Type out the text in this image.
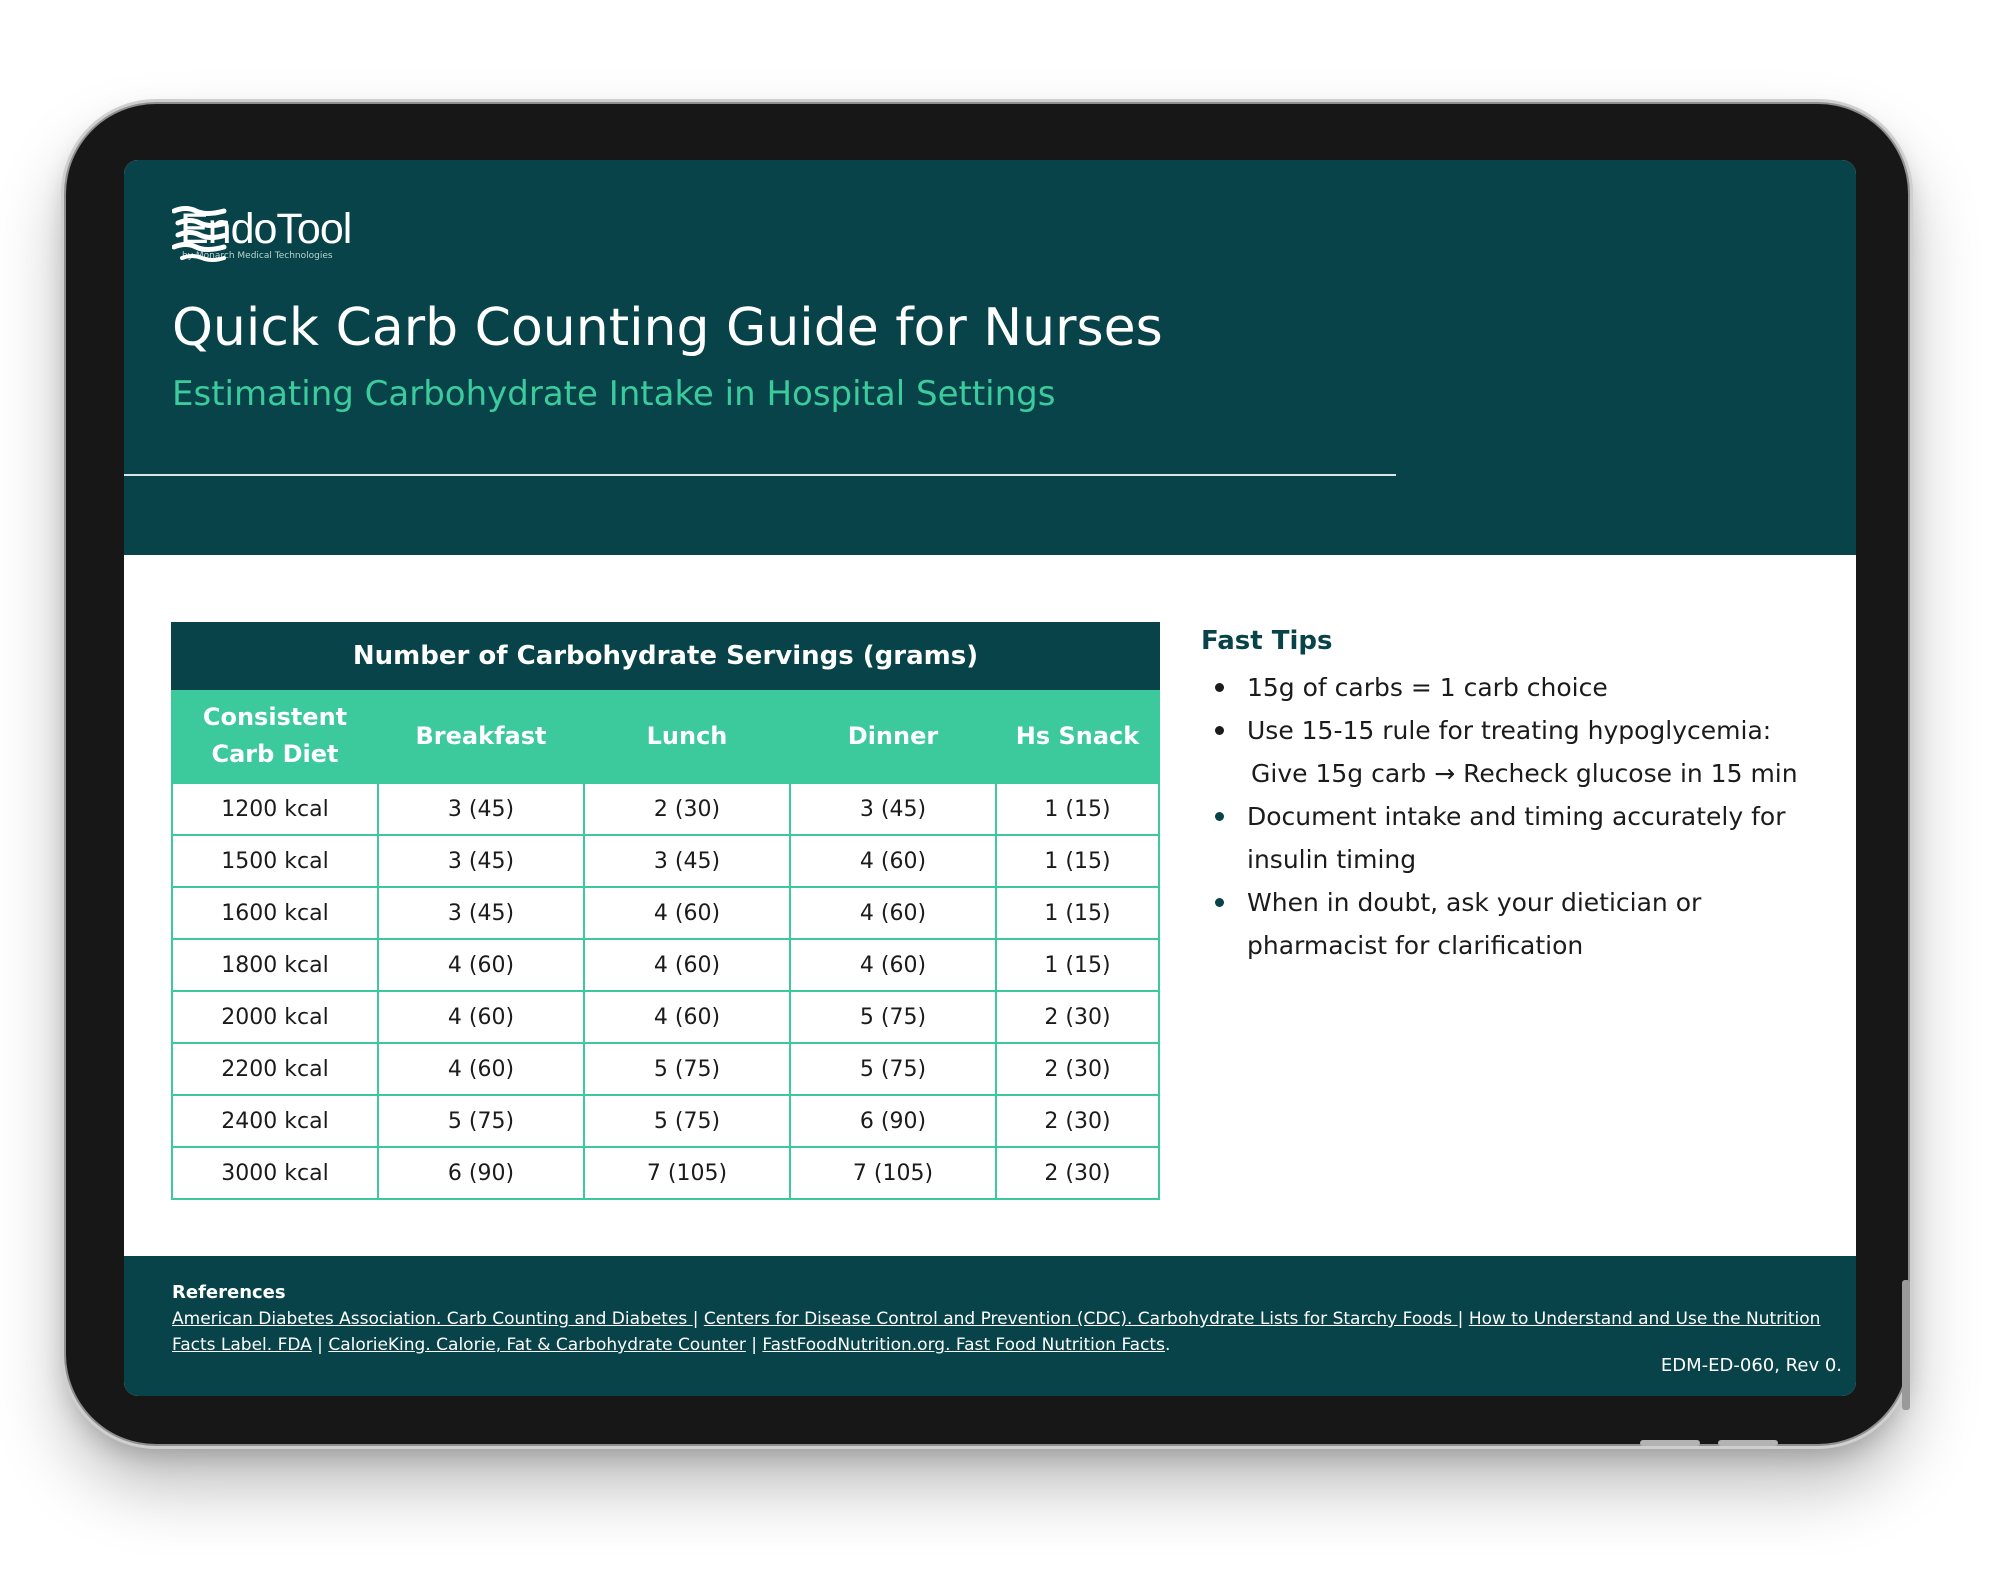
EndoTool
by Monarch Medical Technologies
Quick Carb Counting Guide for Nurses
Estimating Carbohydrate Intake in Hospital Settings
Number of Carbohydrate Servings (grams)				
Consistent Carb Diet	Breakfast	Lunch	Dinner	Hs Snack
1200 kcal	3 (45)	2 (30)	3 (45)	1 (15)
1500 kcal	3 (45)	3 (45)	4 (60)	1 (15)
1600 kcal	3 (45)	4 (60)	4 (60)	1 (15)
1800 kcal	4 (60)	4 (60)	4 (60)	1 (15)
2000 kcal	4 (60)	4 (60)	5 (75)	2 (30)
2200 kcal	4 (60)	5 (75)	5 (75)	2 (30)
2400 kcal	5 (75)	5 (75)	6 (90)	2 (30)
3000 kcal	6 (90)	7 (105)	7 (105)	2 (30)
Fast Tips
15g of carbs = 1 carb choice
Use 15-15 rule for treating hypoglycemia:
Give 15g carb → Recheck glucose in 15 min
Document intake and timing accurately for
insulin timing
When in doubt, ask your dietician or
pharmacist for clarification
References
American Diabetes Association. Carb Counting and Diabetes | Centers for Disease Control and Prevention (CDC). Carbohydrate Lists for Starchy Foods | How to Understand and Use the Nutrition Facts Label. FDA | CalorieKing. Calorie, Fat & Carbohydrate Counter | FastFoodNutrition.org. Fast Food Nutrition Facts.
EDM-ED-060, Rev 0.
